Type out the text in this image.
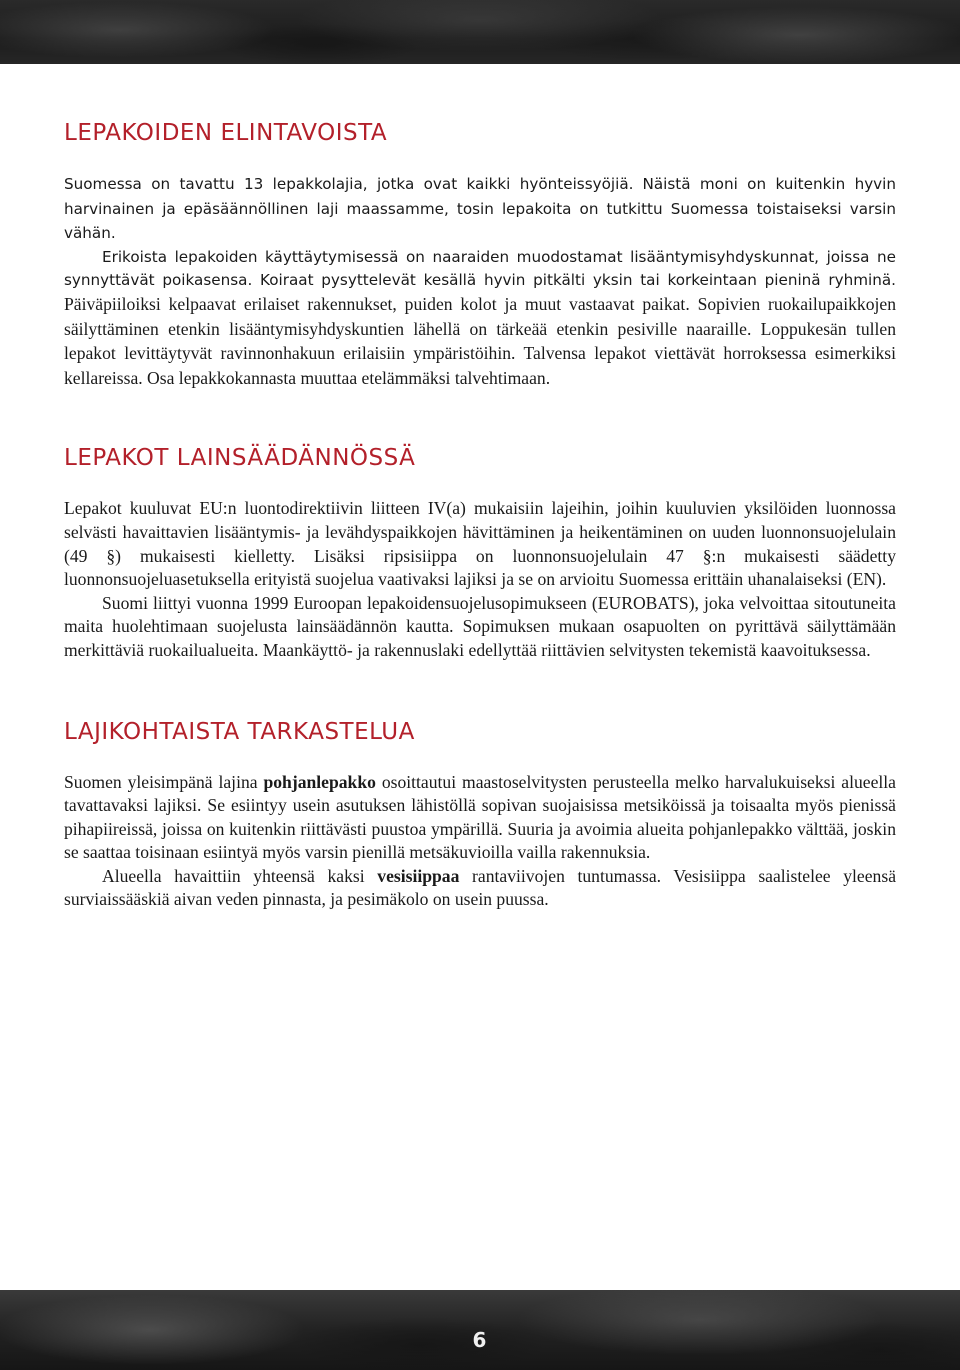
LEPAKOIDEN ELINTAVOISTA

Suomessa on tavattu 13 lepakkolajia, jotka ovat kaikki hyönteissyöjiä. Näistä moni on kuitenkin hyvin harvinainen ja epäsäännöllinen laji maassamme, tosin lepakoita on tutkittu Suomessa toistaiseksi varsin vähän.

Erikoista lepakoiden käyttäytymisessä on naaraiden muodostamat lisääntymisyhdyskunnat, joissa ne synnyttävät poikasensa. Koiraat pysyttelevät kesällä hyvin pitkälti yksin tai korkeintaan pieninä ryhminä. Päiväpiiloiksi kelpaavat erilaiset rakennukset, puiden kolot ja muut vastaavat paikat. Sopivien ruokailupaikkojen säilyttäminen etenkin lisääntymisyhdyskuntien lähellä on tärkeää etenkin pesiville naaraille. Loppukesän tullen lepakot levittäytyvät ravinnonhakuun erilaisiin ympäristöihin. Talvensa lepakot viettävät horroksessa esimerkiksi kellareissa. Osa lepakkokannasta muuttaa etelämmäksi talvehtimaan.

LEPAKOT LAINSÄÄDÄNNÖSSÄ

Lepakot kuuluvat EU:n luontodirektiivin liitteen IV(a) mukaisiin lajeihin, joihin kuuluvien yksilöiden luonnossa selvästi havaittavien lisääntymis- ja levähdyspaikkojen hävittäminen ja heikentäminen on uuden luonnonsuojelulain (49 §) mukaisesti kielletty. Lisäksi ripsisiippa on luonnonsuojelulain 47 §:n mukaisesti säädetty luonnonsuojeluasetuksella erityistä suojelua vaativaksi lajiksi ja se on arvioitu Suomessa erittäin uhanalaiseksi (EN).

Suomi liittyi vuonna 1999 Euroopan lepakoidensuojelusopimukseen (EUROBATS), joka velvoittaa sitoutuneita maita huolehtimaan suojelusta lainsäädännön kautta. Sopimuksen mukaan osapuolten on pyrittävä säilyttämään merkittäviä ruokailualueita. Maankäyttö- ja rakennuslaki edellyttää riittävien selvitysten tekemistä kaavoituksessa.

LAJIKOHTAISTA TARKASTELUA

Suomen yleisimpänä lajina pohjanlepakko osoittautui maastoselvitysten perusteella melko harvalukuiseksi alueella tavattavaksi lajiksi. Se esiintyy usein asutuksen lähistöllä sopivan suojaisissa metsiköissä ja toisaalta myös pienissä pihapiireissä, joissa on kuitenkin riittävästi puustoa ympärillä. Suuria ja avoimia alueita pohjanlepakko välttää, joskin se saattaa toisinaan esiintyä myös varsin pienillä metsäkuvioilla vailla rakennuksia.

Alueella havaittiin yhteensä kaksi vesisiippaa rantaviivojen tuntumassa. Vesisiippa saalistelee yleensä surviaissääskiä aivan veden pinnasta, ja pesimäkolo on usein puussa.

6
